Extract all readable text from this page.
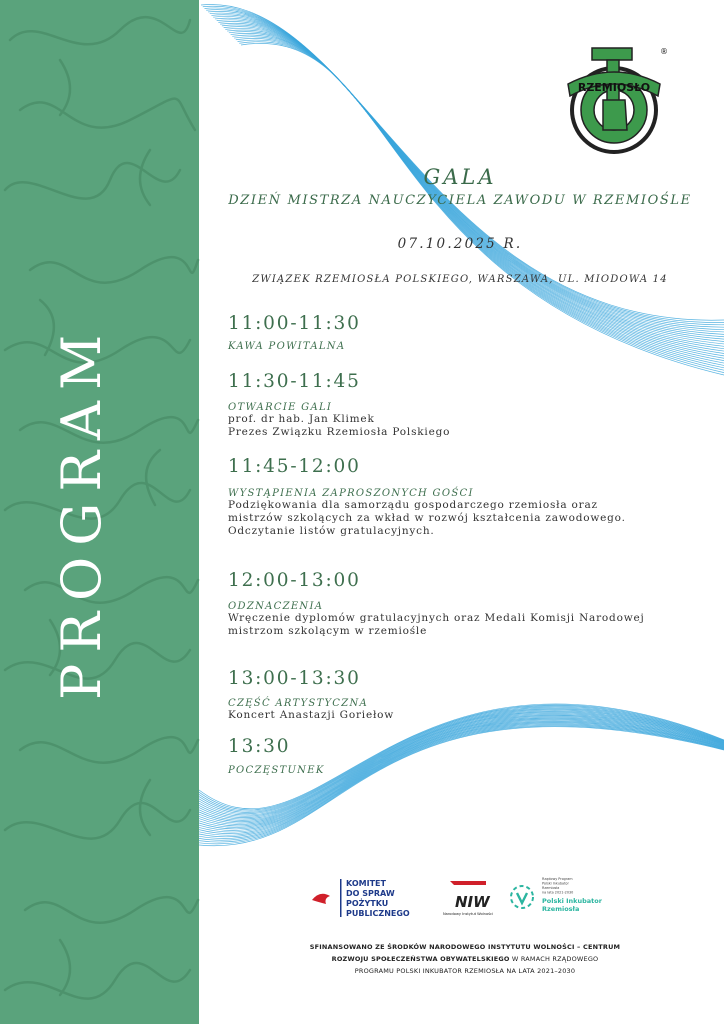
PROGRAM
RZEMIOSŁO
®
GALA
DZIEŃ MISTRZA NAUCZYCIELA ZAWODU W RZEMIOŚLE
07.10.2025 R.
ZWIĄZEK RZEMIOSŁA POLSKIEGO, WARSZAWA, UL. MIODOWA 14
11:00-11:30
KAWA POWITALNA
11:30-11:45
OTWARCIE GALI
prof. dr hab. Jan Klimek
Prezes Związku Rzemiosła Polskiego
11:45-12:00
WYSTĄPIENIA ZAPROSZONYCH GOŚCI
Podziękowania dla samorządu gospodarczego rzemiosła oraz
mistrzów szkolących za wkład w rozwój kształcenia zawodowego.
Odczytanie listów gratulacyjnych.
12:00-13:00
ODZNACZENIA
Wręczenie dyplomów gratulacyjnych oraz Medali Komisji Narodowej
mistrzom szkolącym w rzemiośle
13:00-13:30
CZĘŚĆ ARTYSTYCZNA
Koncert Anastazji Goriełow
13:30
POCZĘSTUNEK
KOMITET
DO SPRAW
POŻYTKU
PUBLICZNEGO
NIW
Narodowy Instytut Wolności
Rządowy Program
Polski Inkubator
Rzemiosła
na lata 2021-2030
Polski Inkubator
Rzemiosła
SFINANSOWANO ZE ŚRODKÓW NARODOWEGO INSTYTUTU WOLNOŚCI – CENTRUM
ROZWOJU SPOŁECZEŃSTWA OBYWATELSKIEGO W RAMACH RZĄDOWEGO
PROGRAMU POLSKI INKUBATOR RZEMIOSŁA NA LATA 2021–2030
